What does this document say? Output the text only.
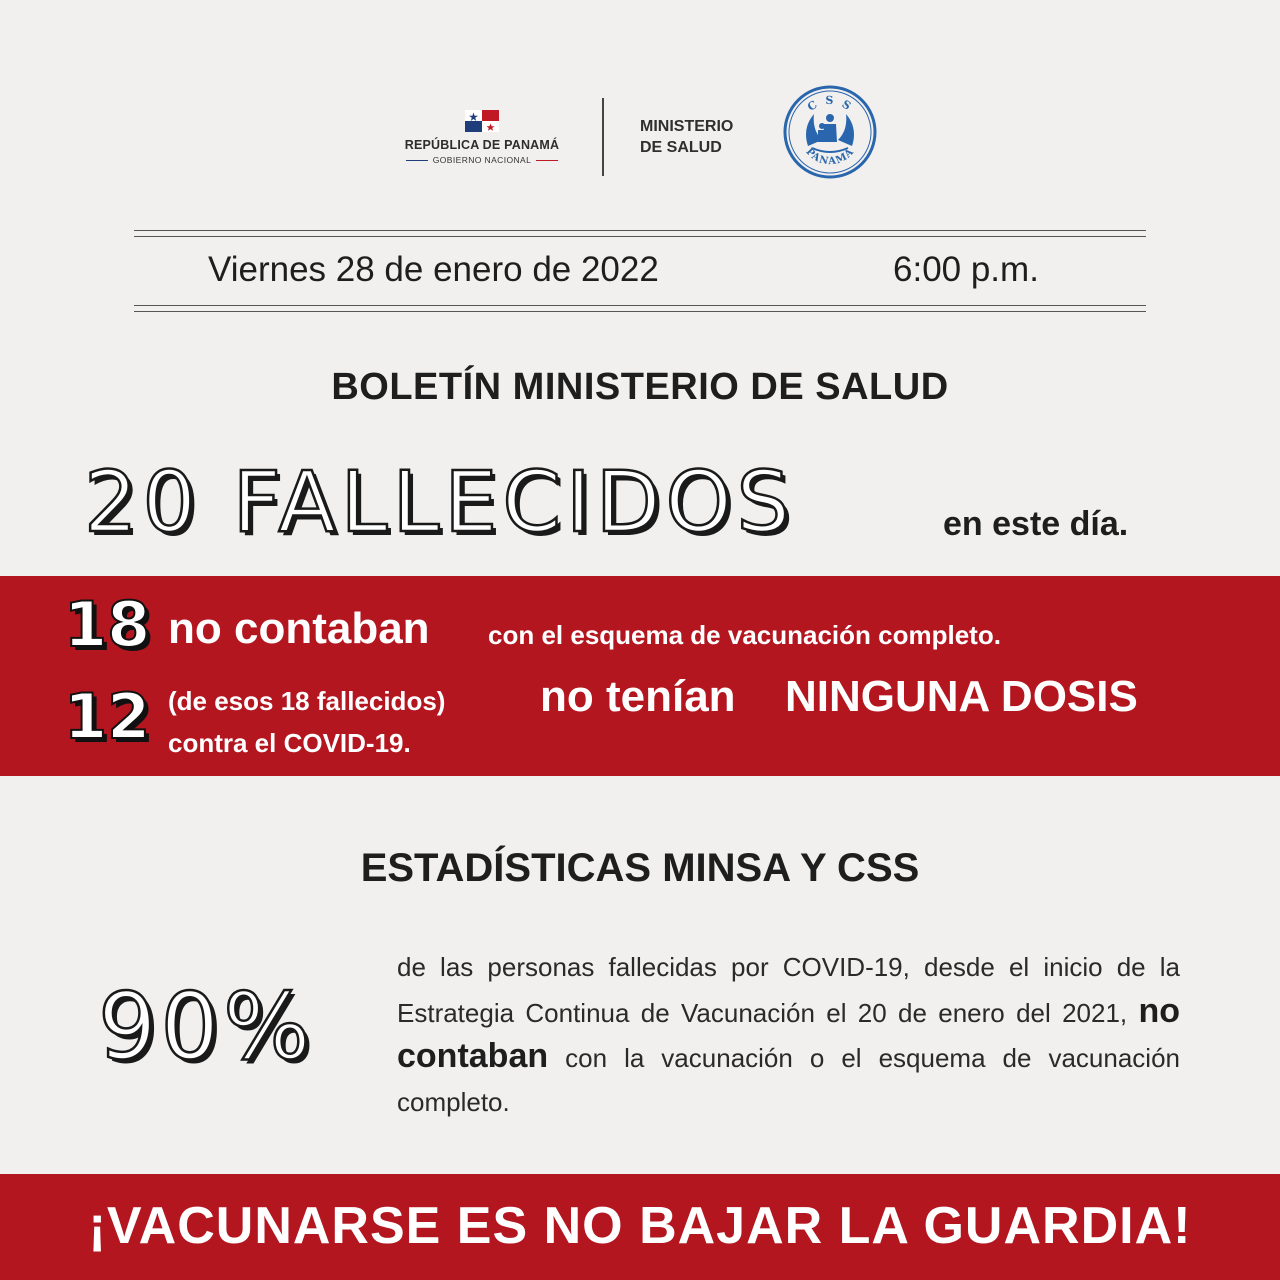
REPÚBLICA DE PANAMÁ
GOBIERNO NACIONAL
MINISTERIO
DE SALUD
C S S
PANAMA
Viernes 28 de enero de 2022	6:00 p.m.
BOLETÍN MINISTERIO DE SALUD
20 FALLECIDOS	en este día.
18 no contaban con el esquema de vacunación completo.
12 (de esos 18 fallecidos) no tenían NINGUNA DOSIS
contra el COVID-19.
ESTADÍSTICAS MINSA Y CSS
90%
de las personas fallecidas por COVID-19, desde el inicio de la Estrategia Continua de Vacunación el 20 de enero del 2021, no contaban con la vacunación o el esquema de vacunación completo.
¡VACUNARSE ES NO BAJAR LA GUARDIA!
